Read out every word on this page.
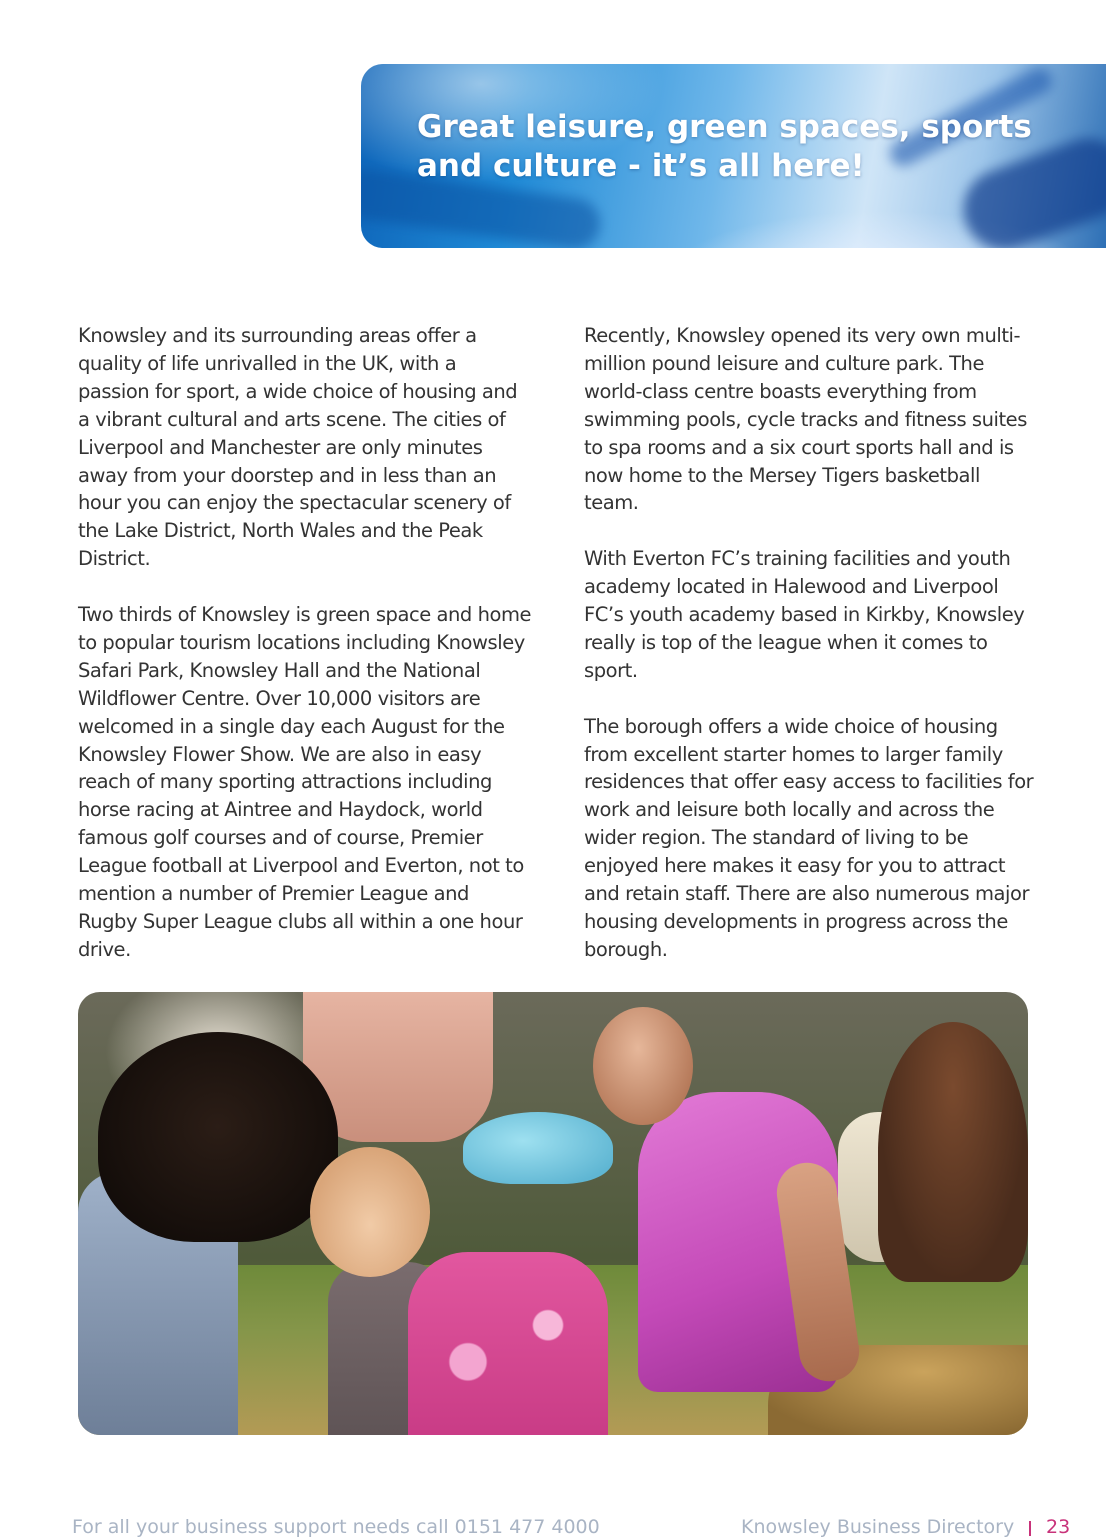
Great leisure, green spaces, sports
and culture - it’s all here!

Knowsley and its surrounding areas offer a quality of life unrivalled in the UK, with a passion for sport, a wide choice of housing and a vibrant cultural and arts scene. The cities of Liverpool and Manchester are only minutes away from your doorstep and in less than an hour you can enjoy the spectacular scenery of the Lake District, North Wales and the Peak District.

Two thirds of Knowsley is green space and home to popular tourism locations including Knowsley Safari Park, Knowsley Hall and the National Wildflower Centre. Over 10,000 visitors are welcomed in a single day each August for the Knowsley Flower Show. We are also in easy reach of many sporting attractions including horse racing at Aintree and Haydock, world famous golf courses and of course, Premier League football at Liverpool and Everton, not to mention a number of Premier League and Rugby Super League clubs all within a one hour drive.

Recently, Knowsley opened its very own multi-million pound leisure and culture park. The world-class centre boasts everything from swimming pools, cycle tracks and fitness suites to spa rooms and a six court sports hall and is now home to the Mersey Tigers basketball team.

With Everton FC’s training facilities and youth academy located in Halewood and Liverpool FC’s youth academy based in Kirkby, Knowsley really is top of the league when it comes to sport.

The borough offers a wide choice of housing from excellent starter homes to larger family residences that offer easy access to facilities for work and leisure both locally and across the wider region. The standard of living to be enjoyed here makes it easy for you to attract and retain staff. There are also numerous major housing developments in progress across the borough.

For all your business support needs call 0151 477 4000	Knowsley Business Directory 23
